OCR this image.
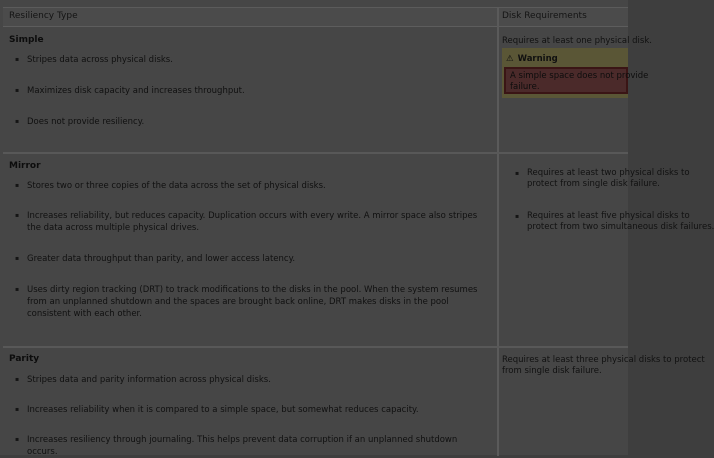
Resiliency Type	Disk Requirements
Simple
▪ Stripes data across physical disks.
▪ Maximizes disk capacity and increases throughput.
▪ Does not provide resiliency.
Requires at least one physical disk.
Mirror
▪ Stores two or three copies of the data across the set of physical disks.
▪ Increases reliability, but reduces capacity. Duplication occurs with every write. A mirror space also stripes the data across multiple physical drives.
▪ Greater data throughput than parity, and lower access latency.
▪ Uses dirty region tracking (DRT) to track modifications to the disks in the pool. When the system resumes from an unplanned shutdown and the spaces are brought back online, DRT makes disks in the pool consistent with each other.
▪ Requires at least two physical disks to
protect from single disk failure.
▪ Requires at least five physical disks to
protect from two simultaneous disk failures.
Parity
▪ Stripes data and parity information across physical disks.
▪ Increases reliability when it is compared to a simple space, but somewhat reduces capacity.
▪ Increases resiliency through journaling. This helps prevent data corruption if an unplanned shutdown occurs.
Requires at least three physical disks to protect
from single disk failure.
⚠ Warning
A simple space does not provide
failure.
